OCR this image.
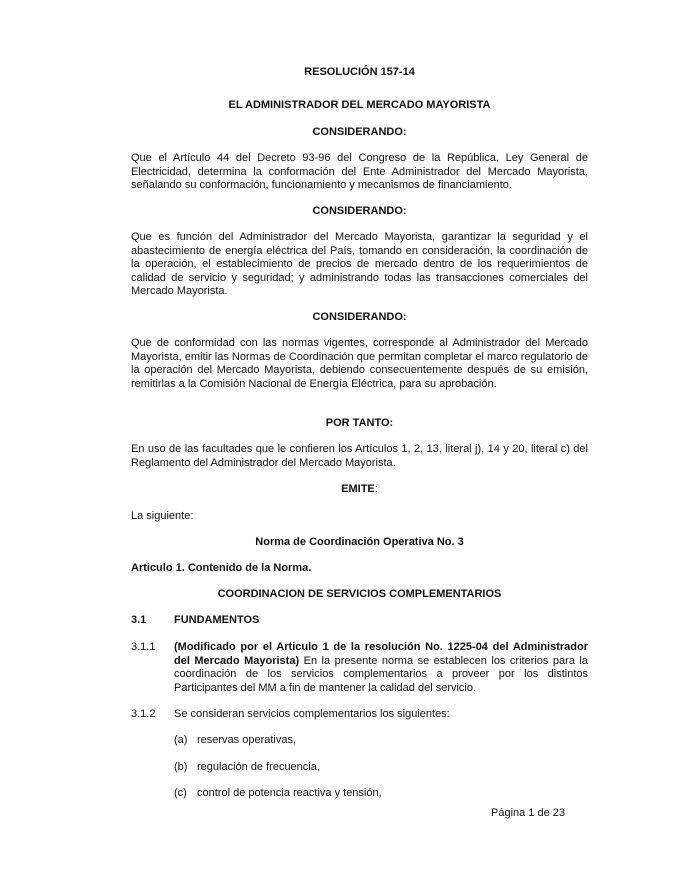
RESOLUCIÓN 157-14
EL ADMINISTRADOR DEL MERCADO MAYORISTA
CONSIDERANDO:
Que el Artículo 44 del Decreto 93-96 del Congreso de la República, Ley General de Electricidad, determina la conformación del Ente Administrador del Mercado Mayorista, señalando su conformación, funcionamiento y mecanismos de financiamiento.
CONSIDERANDO:
Que es función del Administrador del Mercado Mayorista, garantizar la seguridad y el abastecimiento de energía eléctrica del País, tomando en consideración, la coordinación de la operación, el establecimiento de precios de mercado dentro de los requerimientos de calidad de servicio y seguridad; y administrando todas las transacciones comerciales del Mercado Mayorista.
CONSIDERANDO:
Que de conformidad con las normas vigentes, corresponde al Administrador del Mercado Mayorista, emitir las Normas de Coordinación que permitan completar el marco regulatorio de la operación del Mercado Mayorista, debiendo consecuentemente después de su emisión, remitirlas a la Comisión Nacional de Energía Eléctrica, para su aprobación.
POR TANTO:
En uso de las facultades que le confieren los Artículos 1, 2, 13, literal j), 14 y 20, literal c) del Reglamento del Administrador del Mercado Mayorista.
EMITE:
La siguiente:
Norma de Coordinación Operativa No. 3
Articulo 1. Contenido de la Norma.
COORDINACION DE SERVICIOS COMPLEMENTARIOS
3.1	FUNDAMENTOS
3.1.1 (Modificado por el Articulo 1 de la resolución No. 1225-04 del Administrador del Mercado Mayorista) En la presente norma se establecen los criterios para la coordinación de los servicios complementarios a proveer por los distintos Participantes del MM a fin de mantener la calidad del servicio.
3.1.2 Se consideran servicios complementarios los siguientes:
(a) reservas operativas,
(b) regulación de frecuencia,
(c) control de potencia reactiva y tensión,
Página 1 de 23
